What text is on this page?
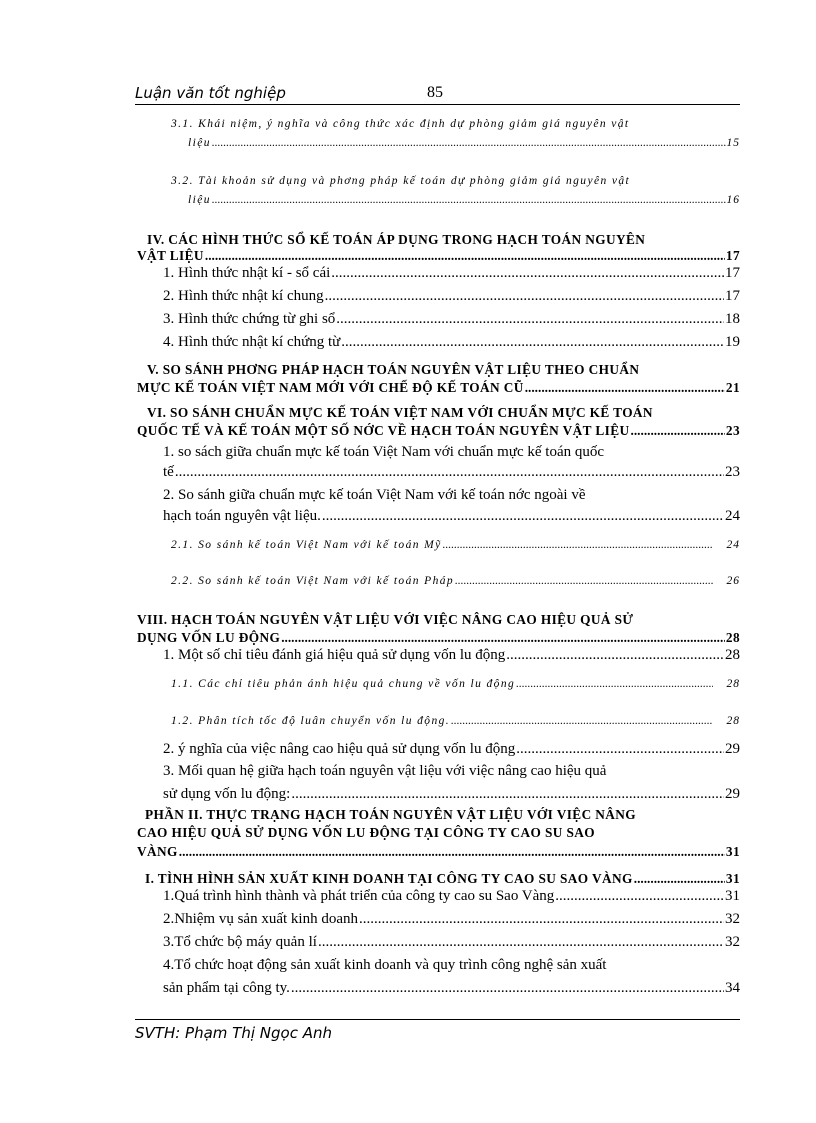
Luận văn tốt nghiệp	85
3.1. Khái niệm, ý nghĩa và công thức xác định dự phòng giảm giá nguyên vật
liệu .....	15
3.2. Tài khoản sử dụng và phơng pháp kế toán dự phòng giảm giá nguyên vật
liệu .....	16
IV. CÁC HÌNH THỨC SỔ KẾ TOÁN ÁP DỤNG TRONG HẠCH TOÁN NGUYÊN
VẬT LIỆU .....	17
1. Hình thức nhật kí - sổ cái .....	17
2. Hình thức nhật kí chung .....	17
3. Hình thức chứng từ ghi sổ .....	18
4. Hình thức nhật kí chứng từ .....	19
V. SO SÁNH PHƠNG PHÁP HẠCH TOÁN NGUYÊN VẬT LIỆU THEO CHUẨN
MỰC KẾ TOÁN VIỆT NAM MỚI VỚI CHẾ ĐỘ KẾ TOÁN CŨ .....	21
VI. SO SÁNH CHUẨN MỰC KẾ TOÁN VIỆT NAM VỚI CHUẨN MỰC KẾ TOÁN
QUỐC TẾ VÀ KẾ TOÁN MỘT SỐ NỚC VỀ HẠCH TOÁN NGUYÊN VẬT LIỆU .....	23
1. so sách giữa chuẩn mực kế toán Việt Nam với chuẩn mực kế toán quốc
tế .....	23
2. So sánh giữa chuẩn mực kế toán Việt Nam với kế toán nớc ngoài về
hạch toán nguyên vật liệu. .....	24
2.1. So sánh kế toán Việt Nam với kế toán Mỹ .....	24
2.2. So sánh kế toán Việt Nam với kế toán Pháp .....	26
VIII. HẠCH TOÁN NGUYÊN VẬT LIỆU VỚI VIỆC NÂNG CAO HIỆU QUẢ SỬ
DỤNG VỐN LU ĐỘNG .....	28
1. Một số chỉ tiêu đánh giá hiệu quả sử dụng vốn lu động .....	28
1.1. Các chỉ tiêu phản ánh hiệu quả chung về vốn lu động .....	28
1.2. Phân tích tốc độ luân chuyển vốn lu động. .....	28
2. ý nghĩa của việc nâng cao hiệu quả sử dụng vốn lu động .....	29
3. Mối quan hệ giữa hạch toán nguyên vật liệu với việc nâng cao hiệu quả
sử dụng vốn lu động: .....	29
PHẦN II. THỰC TRẠNG HẠCH TOÁN NGUYÊN VẬT LIỆU VỚI VIỆC NÂNG
CAO HIỆU QUẢ SỬ DỤNG VỐN LU ĐỘNG TẠI CÔNG TY CAO SU SAO
VÀNG .....	31
I. TÌNH HÌNH SẢN XUẤT KINH DOANH TẠI CÔNG TY CAO SU SAO VÀNG .....	31
1.Quá trình hình thành và phát triển của công ty cao su Sao Vàng .....	31
2.Nhiệm vụ sản xuất kinh doanh .....	32
3.Tổ chức bộ máy quản lí .....	32
4.Tổ chức hoạt động sản xuất kinh doanh và quy trình công nghệ sản xuất
sản phẩm tại công ty. .....	34
SVTH: Phạm Thị Ngọc Anh
